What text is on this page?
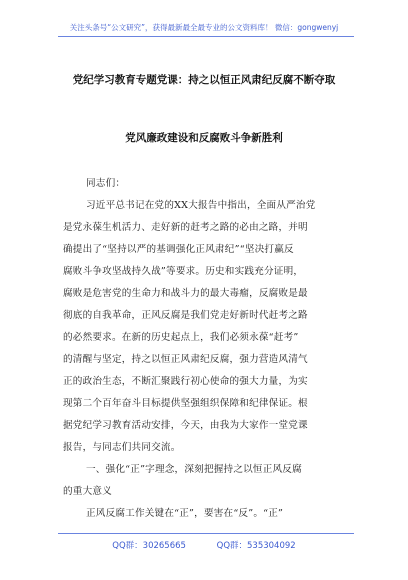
关注头条号“公文研究”，获得最新最全最专业的公文资料库！ 微信：gongwenyj
党纪学习教育专题党课：持之以恒正风肃纪反腐不断夺取
党风廉政建设和反腐败斗争新胜利
同志们：
习近平总书记在党的XX大报告中指出，全面从严治党
是党永葆生机活力、走好新的赶考之路的必由之路，并明
确提出了“坚持以严的基调强化正风肃纪”“坚决打赢反
腐败斗争攻坚战持久战”等要求。历史和实践充分证明，
腐败是危害党的生命力和战斗力的最大毒瘤，反腐败是最
彻底的自我革命，正风反腐是我们党走好新时代赶考之路
的必然要求。在新的历史起点上，我们必须永葆“赶考”
的清醒与坚定，持之以恒正风肃纪反腐，强力营造风清气
正的政治生态，不断汇聚践行初心使命的强大力量，为实
现第二个百年奋斗目标提供坚强组织保障和纪律保证。根
据党纪学习教育活动安排，今天，由我为大家作一堂党课
报告，与同志们共同交流。
一、强化“正”字理念，深刻把握持之以恒正风反腐
的重大意义
正风反腐工作关键在“正”，要害在“反”。“正”
QQ群：30265665	QQ群：535304092
